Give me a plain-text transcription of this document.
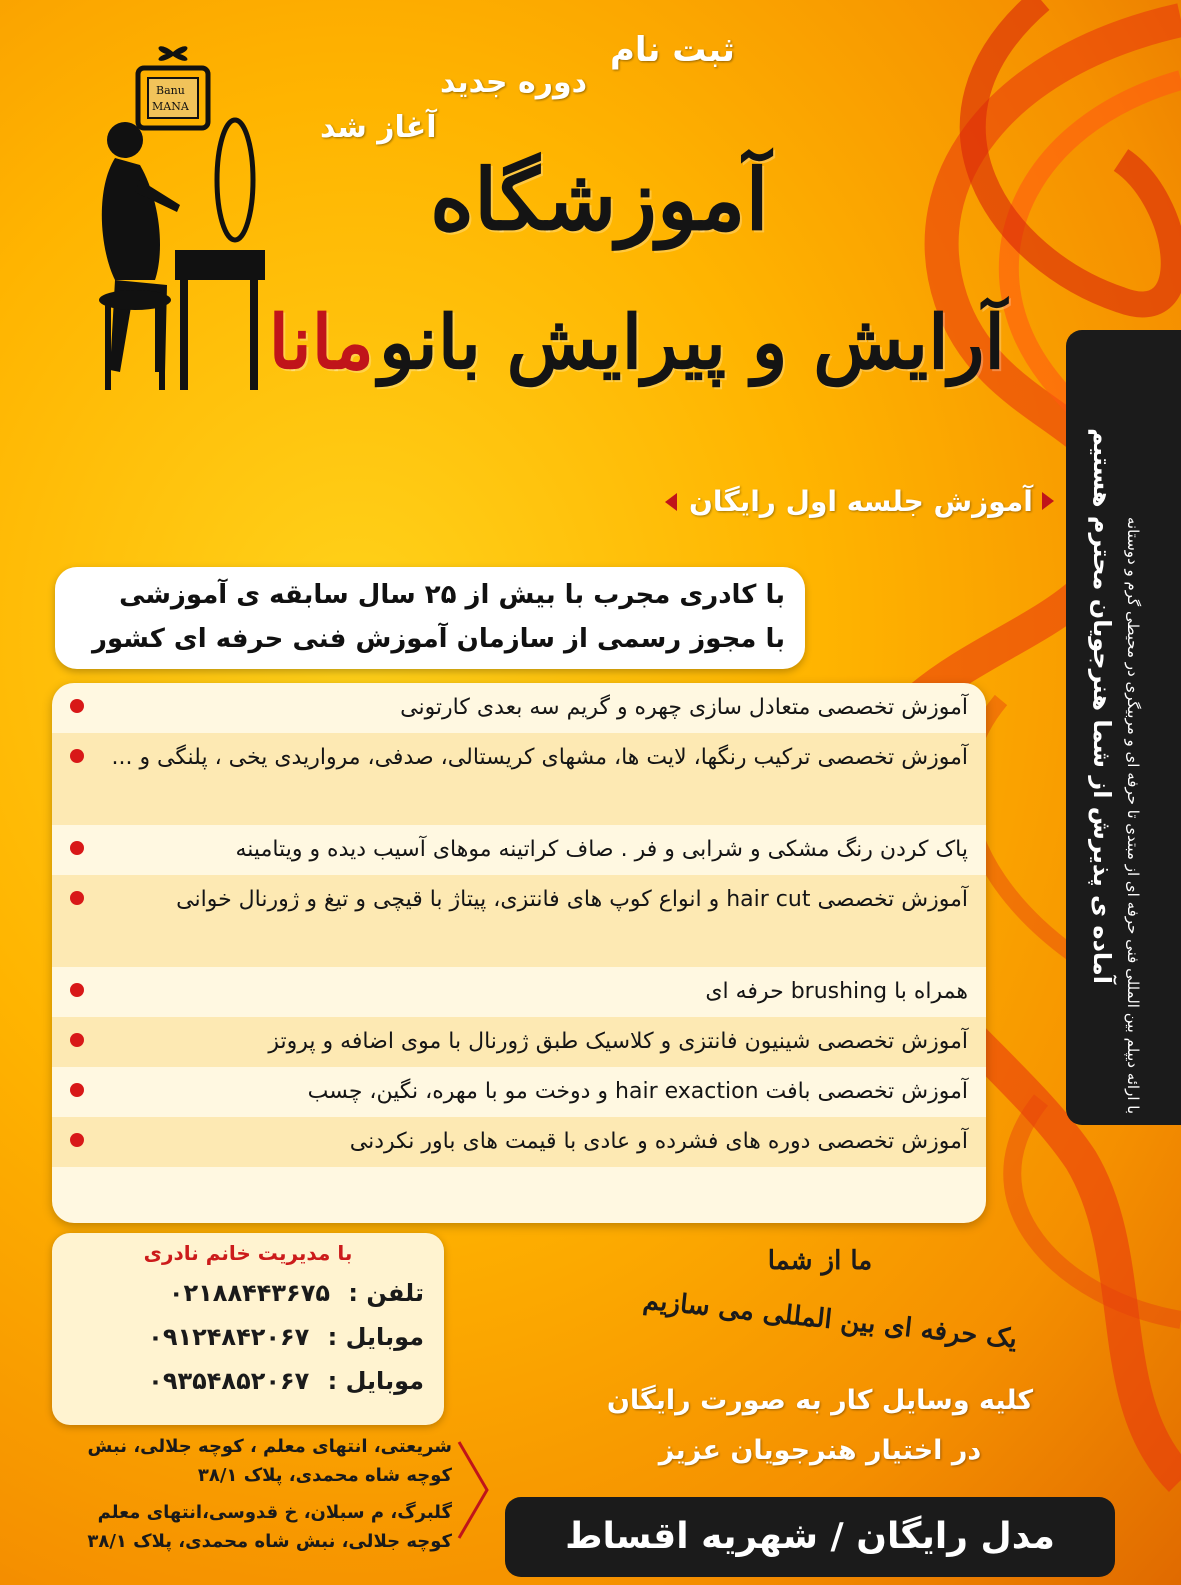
ثبت نام
دوره جدید
آغاز شد
Banu
MANA
آموزشگاه
آرایش و پیرایش بانو مانا
آموزش جلسه اول رایگان
با کادری مجرب با بیش از ۲۵ سال سابقه ی آموزشی
با مجوز رسمی از سازمان آموزش فنی حرفه ای کشور
آموزش تخصصی متعادل سازی چهره و گریم سه بعدی کارتونی
آموزش تخصصی ترکیب رنگها، لایت ها، مشهای کریستالی، صدفی، مرواریدی یخی ، پلنگی و ...
پاک کردن رنگ مشکی و شرابی و فر . صاف کراتینه موهای آسیب دیده و ویتامینه
آموزش تخصصی hair cut و انواع کوپ های فانتزی، پیتاژ با قیچی و تیغ و ژورنال خوانی
همراه با brushing حرفه ای
آموزش تخصصی شینیون فانتزی و کلاسیک طبق ژورنال با موی اضافه و پروتز
آموزش تخصصی بافت hair exaction و دوخت مو با مهره، نگین، چسب
آموزش تخصصی دوره های فشرده و عادی با قیمت های باور نکردنی
با ارائه دیپلم بین المللی فنی حرفه ای از مبتدی تا حرفه ای و مربیگری در محیطی گرم و دوستانه
آماده ی پذیرش از شما هنرجویان محترم هستیم
با مدیریت خانم نادری
تلفن : ۰۲۱۸۸۴۴۳۶۷۵
موبایل : ۰۹۱۲۴۸۴۲۰۶۷
موبایل : ۰۹۳۵۴۸۵۲۰۶۷
شریعتی، انتهای معلم ، کوچه جلالی، نبش
کوچه شاه محمدی، پلاک ۳۸/۱
گلبرگ، م سبلان، خ قدوسی،انتهای معلم
کوچه جلالی، نبش شاه محمدی، پلاک ۳۸/۱
ما از شما
یک حرفه ای بین المللی می سازیم
کلیه وسایل کار به صورت رایگان
در اختیار هنرجویان عزیز
مدل رایگان / شهریه اقساط
